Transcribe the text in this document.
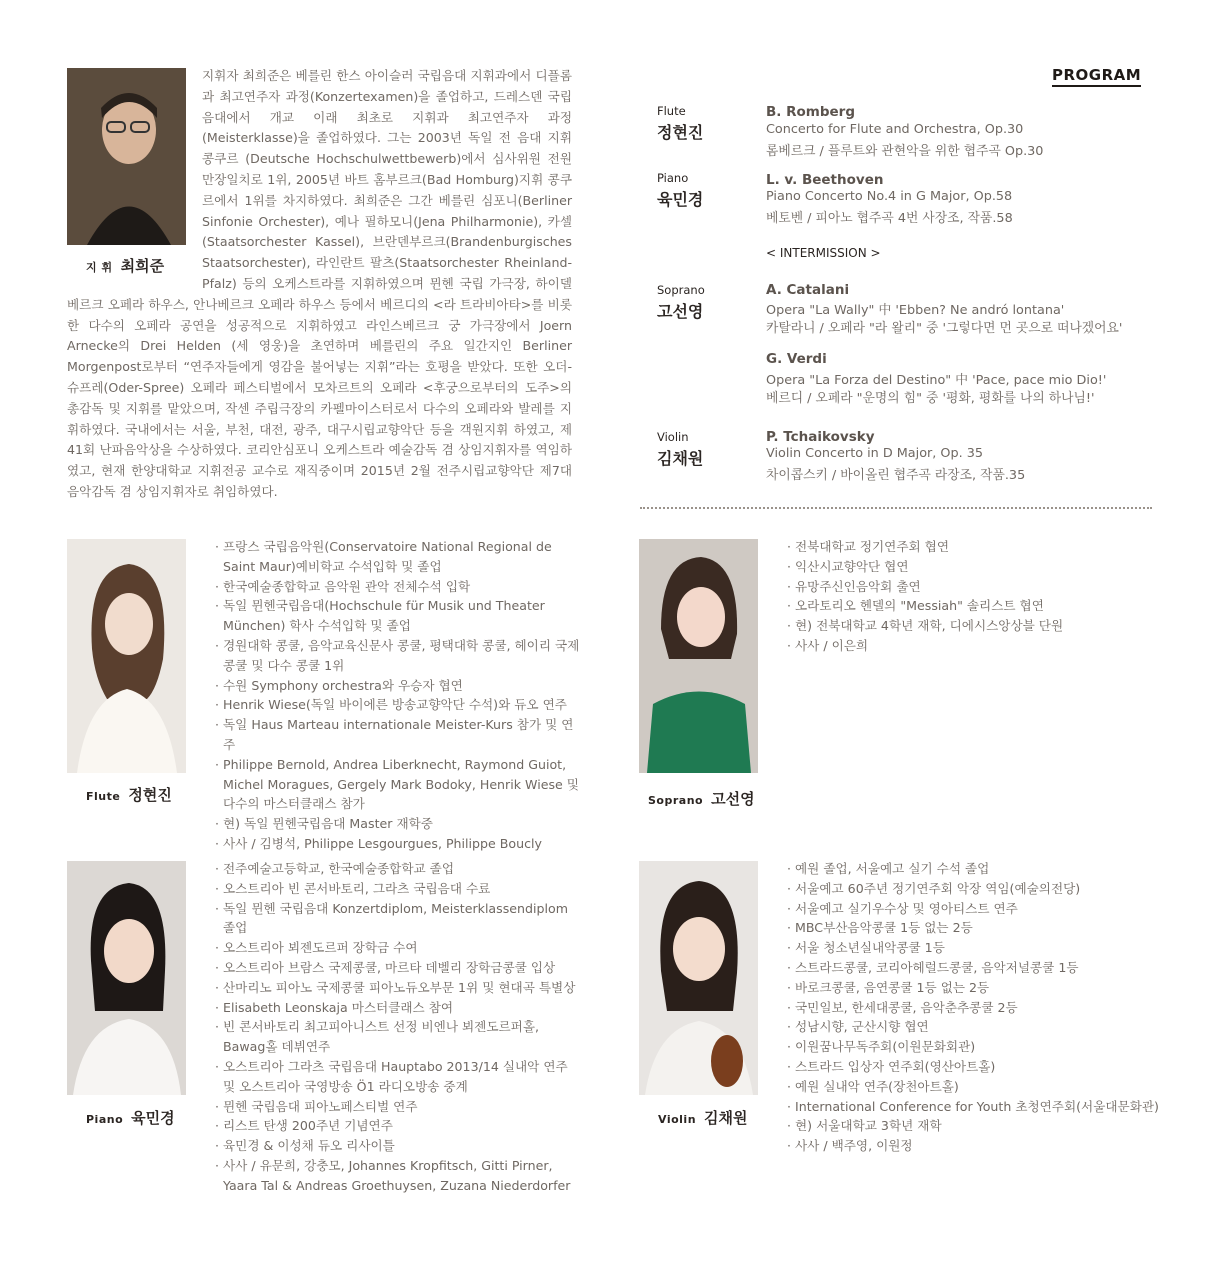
지 휘 최희준

지휘자 최희준은 베를린 한스 아이슬러 국립음대 지휘과에서 디플롬과 최고연주자 과정(Konzertexamen)을 졸업하고, 드레스덴 국립음대에서 개교 이래 최초로 지휘과 최고연주자 과정(Meisterklasse)을 졸업하였다. 그는 2003년 독일 전 음대 지휘 콩쿠르 (Deutsche Hochschulwettbewerb)에서 심사위원 전원만장일치로 1위, 2005년 바트 홈부르크(Bad Homburg)지휘 콩쿠르에서 1위를 차지하였다. 최희준은 그간 베를린 심포니(Berliner Sinfonie Orchester), 예나 필하모니(Jena Philharmonie), 카셀 (Staatsorchester Kassel), 브란덴부르크(Brandenburgisches Staatsorchester), 라인란트 팔츠(Staatsorchester Rheinland-Pfalz) 등의 오케스트라를 지휘하였으며 뮌헨 국립 가극장, 하이델베르크 오페라 하우스, 안나베르크 오페라 하우스 등에서 베르디의 <라 트라비아타>를 비롯한 다수의 오페라 공연을 성공적으로 지휘하였고 라인스베르크 궁 가극장에서 Joern Arnecke의 Drei Helden (세 영웅)을 초연하며 베를린의 주요 일간지인 Berliner Morgenpost로부터 “연주자들에게 영감을 불어넣는 지휘”라는 호평을 받았다. 또한 오더-슈프레(Oder-Spree) 오페라 페스티벌에서 모차르트의 오페라 <후궁으로부터의 도주>의 총감독 및 지휘를 맡았으며, 작센 주립극장의 카펠마이스터로서 다수의 오페라와 발레를 지휘하였다. 국내에서는 서울, 부천, 대전, 광주, 대구시립교향악단 등을 객원지휘 하였고, 제41회 난파음악상을 수상하였다. 코리안심포니 오케스트라 예술감독 겸 상임지휘자를 역임하였고, 현재 한양대학교 지휘전공 교수로 재직중이며 2015년 2월 전주시립교향악단 제7대 음악감독 겸 상임지휘자로 취임하였다.

PROGRAM
Flute
정현진
B. Romberg
Concerto for Flute and Orchestra, Op.30
롬베르크 / 플루트와 관현악을 위한 협주곡 Op.30
Piano
육민경
L. v. Beethoven
Piano Concerto No.4 in G Major, Op.58
베토벤 / 피아노 협주곡 4번 사장조, 작품.58
< INTERMISSION >
Soprano
고선영
A. Catalani
Opera "La Wally" 中 'Ebben? Ne andró lontana'
카탈라니 / 오페라 "라 왈리" 중 '그렇다면 먼 곳으로 떠나겠어요'
G. Verdi
Opera "La Forza del Destino" 中 'Pace, pace mio Dio!'
베르디 / 오페라 "운명의 힘" 중 '평화, 평화를 나의 하나님!'
Violin
김채원
P. Tchaikovsky
Violin Concerto in D Major, Op. 35
차이콥스키 / 바이올린 협주곡 라장조, 작품.35
Flute 정현진
· 프랑스 국립음악원(Conservatoire National Regional de Saint Maur)예비학교 수석입학 및 졸업
· 한국예술종합학교 음악원 관악 전체수석 입학
· 독일 뮌헨국립음대(Hochschule für Musik und Theater München) 학사 수석입학 및 졸업
· 경원대학 콩쿨, 음악교육신문사 콩쿨, 평택대학 콩쿨, 헤이리 국제콩쿨 및 다수 콩쿨 1위
· 수원 Symphony orchestra와 우승자 협연
· Henrik Wiese(독일 바이에른 방송교향악단 수석)와 듀오 연주
· 독일 Haus Marteau internationale Meister-Kurs 참가 및 연주
· Philippe Bernold, Andrea Liberknecht, Raymond Guiot, Michel Moragues, Gergely Mark Bodoky, Henrik Wiese 및 다수의 마스터클래스 참가
· 현) 독일 뮌헨국립음대 Master 재학중
· 사사 / 김병석, Philippe Lesgourgues, Philippe Boucly
Soprano 고선영
· 전북대학교 정기연주회 협연
· 익산시교향악단 협연
· 유망주신인음악회 출연
· 오라토리오 헨델의 "Messiah" 솔리스트 협연
· 현) 전북대학교 4학년 재학, 디에시스앙상블 단원
· 사사 / 이은희
Piano 육민경
· 전주예술고등학교, 한국예술종합학교 졸업
· 오스트리아 빈 콘서바토리, 그라츠 국립음대 수료
· 독일 뮌헨 국립음대 Konzertdiplom, Meisterklassendiplom 졸업
· 오스트리아 뵈젠도르퍼 장학금 수여
· 오스트리아 브람스 국제콩쿨, 마르타 데벨리 장학금콩쿨 입상
· 산마리노 피아노 국제콩쿨 피아노듀오부문 1위 및 현대곡 특별상
· Elisabeth Leonskaja 마스터클래스 참여
· 빈 콘서바토리 최고피아니스트 선정 비엔나 뵈젠도르퍼홀, Bawag홀 데뷔연주
· 오스트리아 그라츠 국립음대 Hauptabo 2013/14 실내악 연주 및 오스트리아 국영방송 Ö1 라디오방송 중계
· 뮌헨 국립음대 피아노페스티벌 연주
· 리스트 탄생 200주년 기념연주
· 육민경 & 이성채 듀오 리사이틀
· 사사 / 유문희, 강충모, Johannes Kropfitsch, Gitti Pirner, Yaara Tal & Andreas Groethuysen, Zuzana Niederdorfer
Violin 김채원
· 예원 졸업, 서울예고 실기 수석 졸업
· 서울예고 60주년 정기연주회 악장 역임(예술의전당)
· 서울예고 실기우수상 및 영아티스트 연주
· MBC부산음악콩쿨 1등 없는 2등
· 서울 청소년실내악콩쿨 1등
· 스트라드콩쿨, 코리아헤럴드콩쿨, 음악저널콩쿨 1등
· 바로크콩쿨, 음연콩쿨 1등 없는 2등
· 국민일보, 한세대콩쿨, 음악춘추콩쿨 2등
· 성남시향, 군산시향 협연
· 이원꿈나무독주회(이원문화회관)
· 스트라드 입상자 연주회(영산아트홀)
· 예원 실내악 연주(장천아트홀)
· International Conference for Youth 초청연주회(서울대문화관)
· 현) 서울대학교 3학년 재학
· 사사 / 백주영, 이원정
